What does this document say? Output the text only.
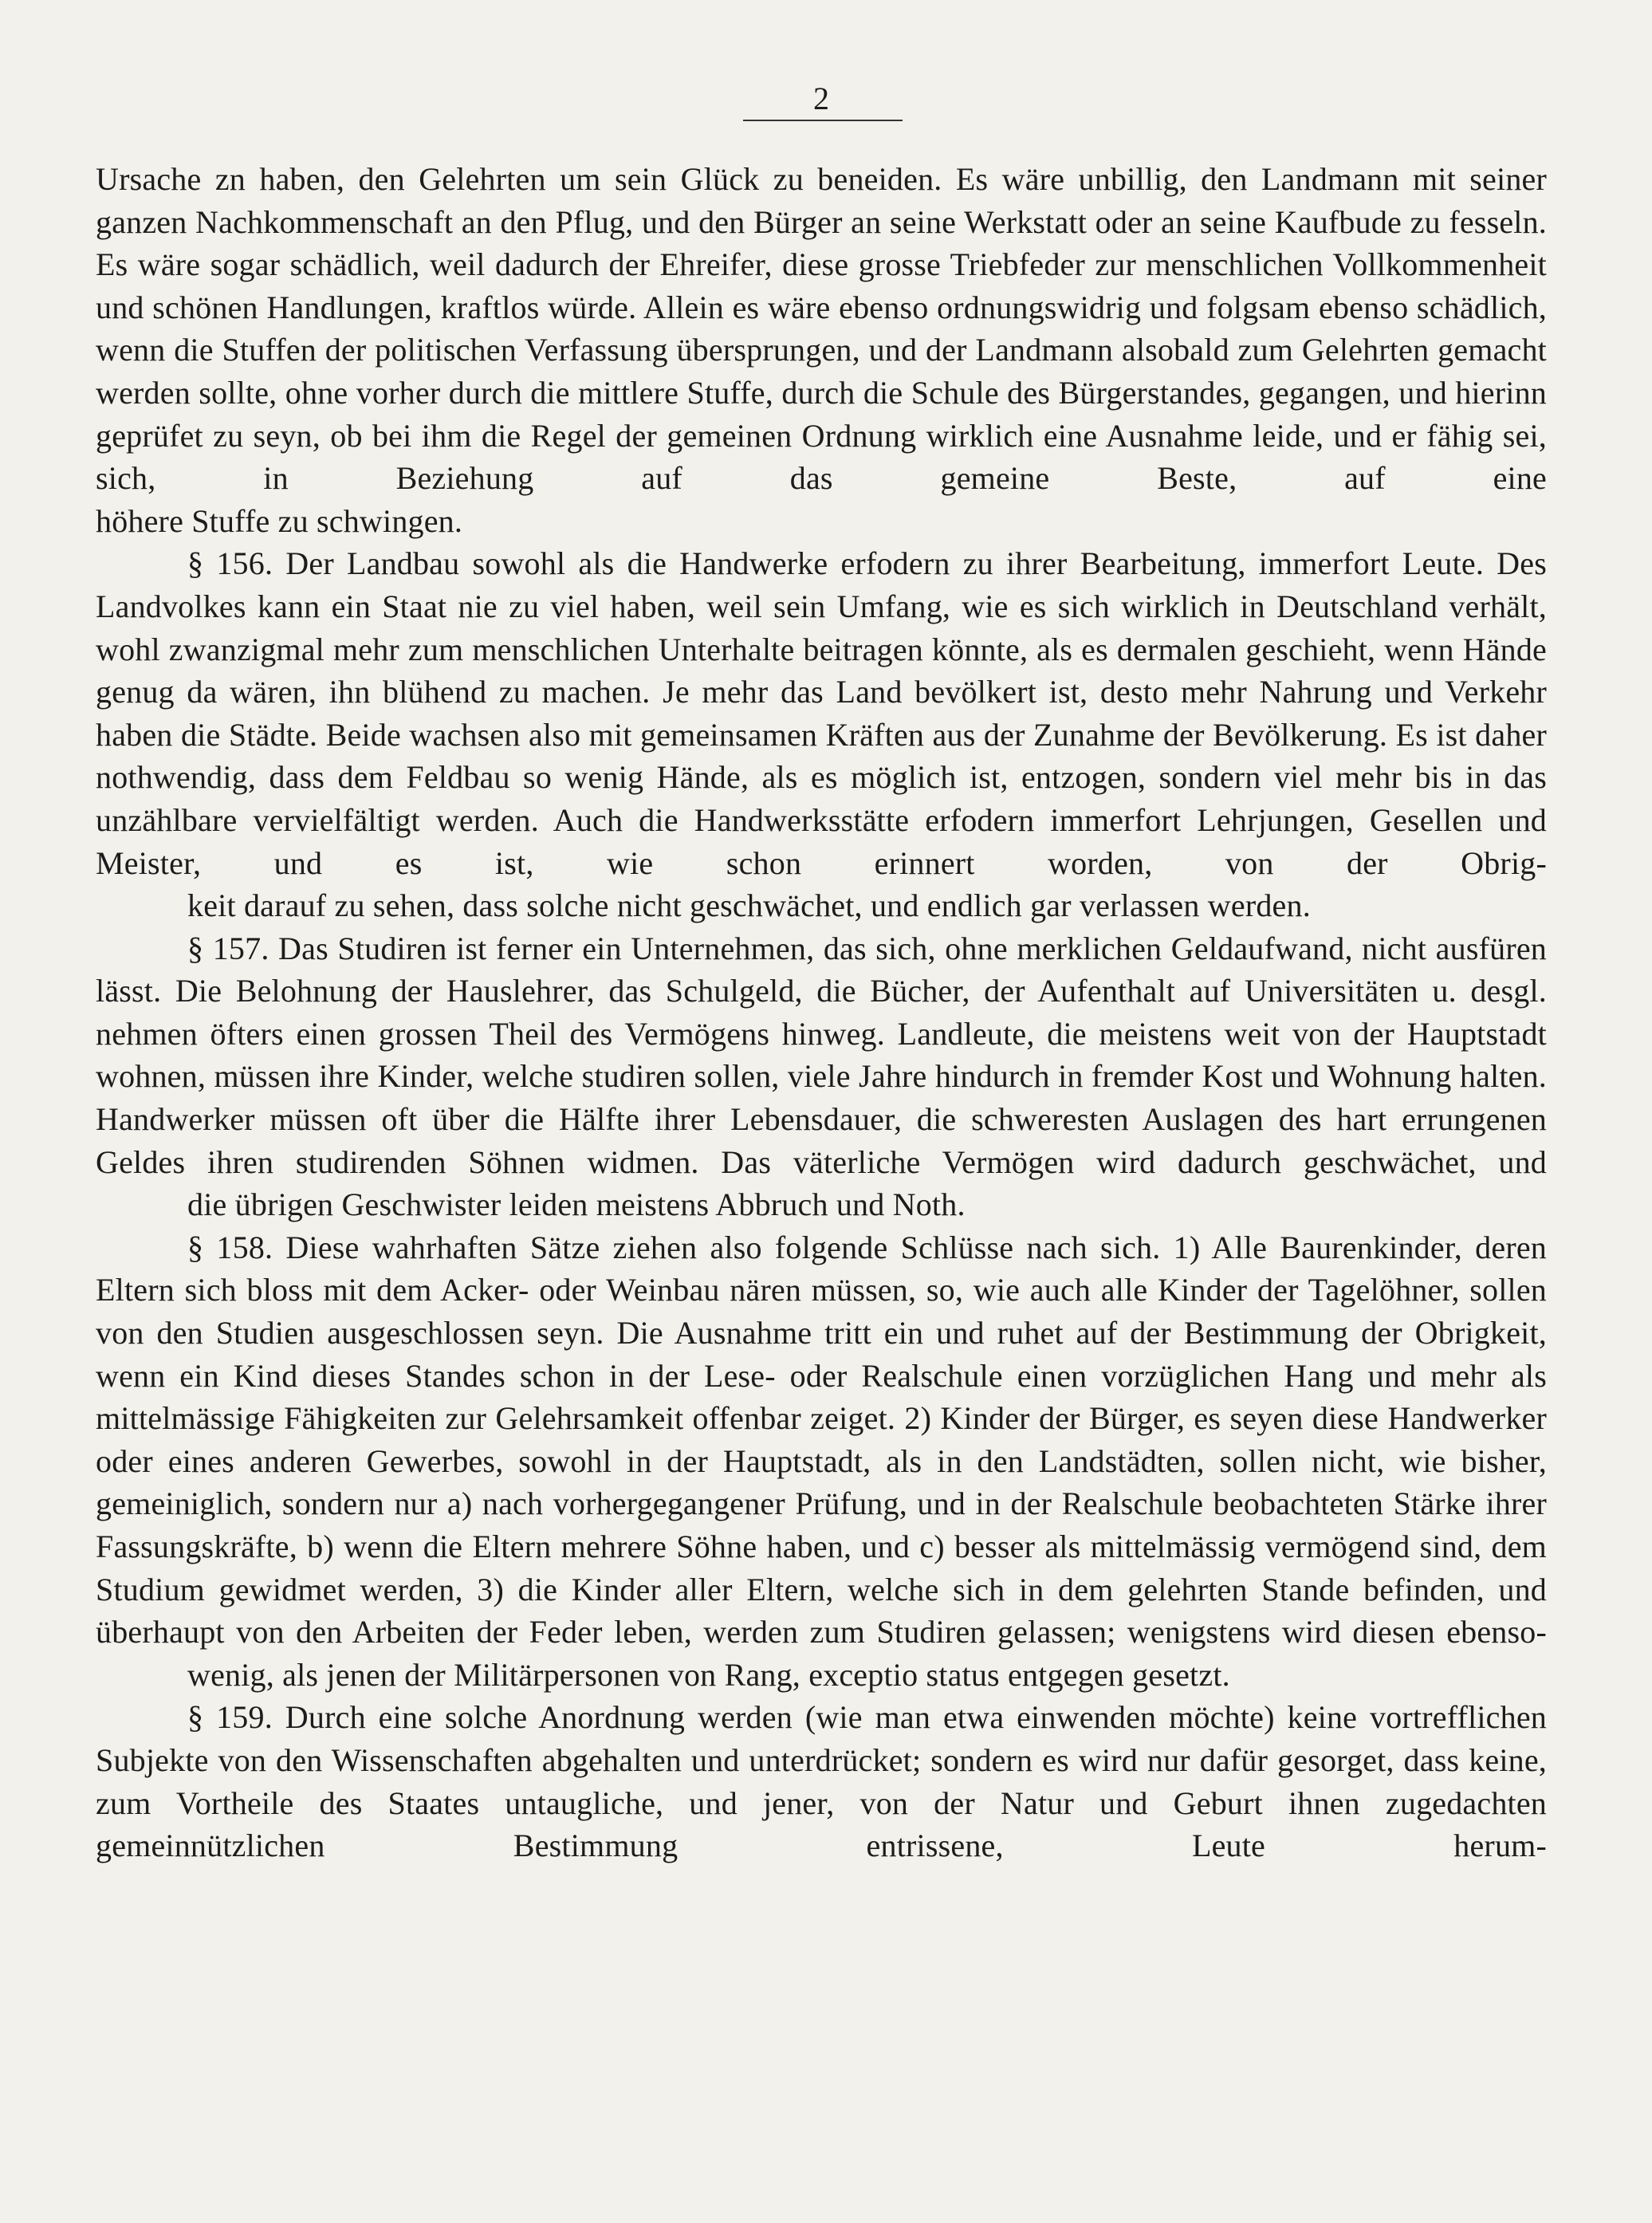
2
Ursache zn haben, den Gelehrten um sein Glück zu beneiden. Es wäre unbillig, den Landmann mit seiner ganzen Nachkommenschaft an den Pflug, und den Bürger an seine Werkstatt oder an seine Kaufbude zu fesseln. Es wäre sogar schädlich, weil dadurch der Ehreifer, diese grosse Triebfeder zur menschlichen Vollkommenheit und schönen Handlungen, kraftlos würde. Allein es wäre ebenso ordnungswidrig und folgsam ebenso schädlich, wenn die Stuffen der politischen Verfassung übersprungen, und der Landmann alsobald zum Gelehrten gemacht werden sollte, ohne vorher durch die mittlere Stuffe, durch die Schule des Bürgerstandes, gegangen, und hierinn geprüfet zu seyn, ob bei ihm die Regel der gemeinen Ordnung wirklich eine Ausnahme leide, und er fähig sei, sich, in Beziehung auf das gemeine Beste, auf eine
höhere Stuffe zu schwingen.
§ 156. Der Landbau sowohl als die Handwerke erfodern zu ihrer Bearbeitung, immerfort Leute. Des Landvolkes kann ein Staat nie zu viel haben, weil sein Umfang, wie es sich wirklich in Deutschland verhält, wohl zwanzigmal mehr zum menschlichen Unterhalte beitragen könnte, als es dermalen geschieht, wenn Hände genug da wären, ihn blühend zu machen. Je mehr das Land bevölkert ist, desto mehr Nahrung und Verkehr haben die Städte. Beide wachsen also mit gemeinsamen Kräften aus der Zunahme der Bevölkerung. Es ist daher nothwendig, dass dem Feldbau so wenig Hände, als es möglich ist, entzogen, sondern viel mehr bis in das unzählbare vervielfältigt werden. Auch die Handwerksstätte erfodern immerfort Lehrjungen, Gesellen und Meister, und es ist, wie schon erinnert worden, von der Obrig-
keit darauf zu sehen, dass solche nicht geschwächet, und endlich gar verlassen werden.
§ 157. Das Studiren ist ferner ein Unternehmen, das sich, ohne merklichen Geldaufwand, nicht ausfüren lässt. Die Belohnung der Hauslehrer, das Schulgeld, die Bücher, der Aufenthalt auf Universitäten u. desgl. nehmen öfters einen grossen Theil des Vermögens hinweg. Landleute, die meistens weit von der Hauptstadt wohnen, müssen ihre Kinder, welche studiren sollen, viele Jahre hindurch in fremder Kost und Wohnung halten. Handwerker müssen oft über die Hälfte ihrer Lebensdauer, die schweresten Auslagen des hart errungenen Geldes ihren studirenden Söhnen widmen. Das väterliche Vermögen wird dadurch geschwächet, und
die übrigen Geschwister leiden meistens Abbruch und Noth.
§ 158. Diese wahrhaften Sätze ziehen also folgende Schlüsse nach sich. 1) Alle Baurenkinder, deren Eltern sich bloss mit dem Acker- oder Weinbau nären müssen, so, wie auch alle Kinder der Tagelöhner, sollen von den Studien ausgeschlossen seyn. Die Ausnahme tritt ein und ruhet auf der Bestimmung der Obrigkeit, wenn ein Kind dieses Standes schon in der Lese- oder Realschule einen vorzüglichen Hang und mehr als mittelmässige Fähigkeiten zur Gelehrsamkeit offenbar zeiget. 2) Kinder der Bürger, es seyen diese Handwerker oder eines anderen Gewerbes, sowohl in der Hauptstadt, als in den Landstädten, sollen nicht, wie bisher, gemeiniglich, sondern nur a) nach vorhergegangener Prüfung, und in der Realschule beobachteten Stärke ihrer Fassungskräfte, b) wenn die Eltern mehrere Söhne haben, und c) besser als mittelmässig vermögend sind, dem Studium gewidmet werden, 3) die Kinder aller Eltern, welche sich in dem gelehrten Stande befinden, und überhaupt von den Arbeiten der Feder leben, werden zum Studiren gelassen; wenigstens wird diesen ebenso-
wenig, als jenen der Militärpersonen von Rang, exceptio status entgegen gesetzt.
§ 159. Durch eine solche Anordnung werden (wie man etwa einwenden möchte) keine vortrefflichen Subjekte von den Wissenschaften abgehalten und unterdrücket; sondern es wird nur dafür gesorget, dass keine, zum Vortheile des Staates untaugliche, und jener, von der Natur und Geburt ihnen zugedachten gemeinnützlichen Bestimmung entrissene, Leute herum-
